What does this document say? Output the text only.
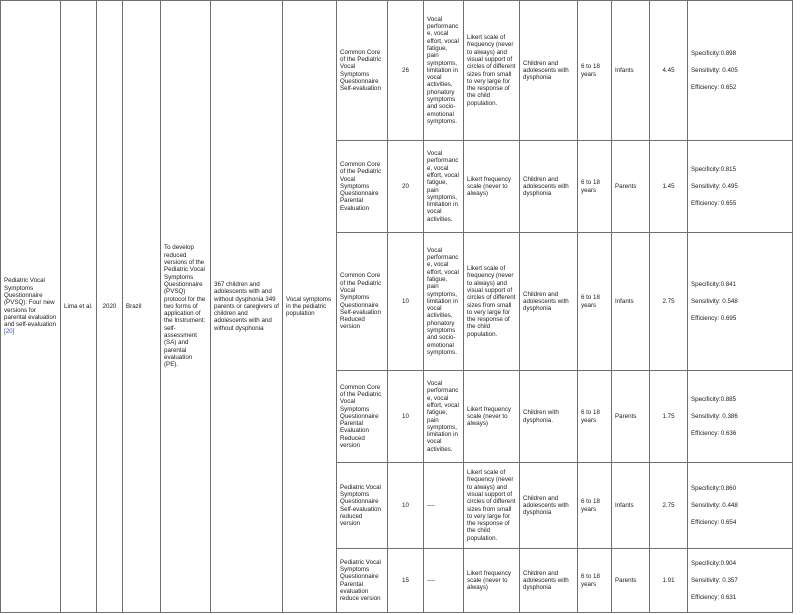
Pediatric Vocal Symptoms Questionnaire (PVSQ): Four new versions for parental evaluation and self-evaluation [20]	Lima et al.	2020	Brazil	To develop reduced versions of the Pediatric Vocal Symptoms Questionnaire (PVSQ) protocol for the two forms of application of the Instrument: self-assessment (SA) and parental evaluation (PE).	367 children and adolescents with and without dysphonia 349 parents or caregivers of children and adolescents with and without dysphonia	Vocal symptoms in the pediatric population	Common Core of the Pediatric Vocal Symptoms Questionnaire Self-evaluation	26	Vocal performance, vocal effort, vocal fatigue, pain symptoms, limitation in vocal activities, phonatory symptoms and socio-emotional symptoms.	Likert scale of frequency (never to always) and visual support of circles of different sizes from small to very large for the response of the child population.	Children and adolescents with dysphonia	6 to 18 years	Infants	4.45	Specificity:0.898
Sensitivity: 0.405
Efficiency: 0.652

							Common Core of the Pediatric Vocal Symptoms Questionnaire Parental Evaluation	20	Vocal performance, vocal effort, vocal fatigue, pain symptoms, limitation in vocal activities.	Likert frequency scale (never to always)	Children and adolescents with dysphonia	6 to 18 years	Parents	1.45	Specificity:0.815
Sensitivity: 0.495
Efficiency: 0.655

							Common Core of the Pediatric Vocal Symptoms Questionnaire Self-evaluation Reduced version	10	Vocal performance, vocal effort, vocal fatigue, pain symptoms, limitation in vocal activities, phonatory symptoms and socio-emotional symptoms.	Likert scale of frequency (never to always) and visual support of circles of different sizes from small to very large for the response of the child population.	Children and adolescents with dysphonia	6 to 18 years	Infants	2.75	Specificity:0.841
Sensitivity: 0.548
Efficiency: 0.695

							Common Core of the Pediatric Vocal Symptoms Questionnaire Parental Evaluation Reduced version	10	Vocal performance, vocal effort, vocal fatigue, pain symptoms, limitation in vocal activities.	Likert frequency scale (never to always)	Children with dysphonia.	6 to 18 years	Parents	1.75	Specificity:0.885
Sensitivity: 0.386
Efficiency: 0.636

							Pediatric Vocal Symptoms Questionnaire Self-evaluation reduced version	10	----	Likert scale of frequency (never to always) and visual support of circles of different sizes from small to very large for the response of the child population.	Children and adolescents with dysphonia	6 to 18 years	Infants	2.75	Specificity:0.860
Sensitivity: 0.448
Efficiency: 0.654

							Pediatric Vocal Symptoms Questionnaire Parental evaluation reduce version	15	----	Likert frequency scale (never to always)	Children and adolescents with dysphonia	6 to 18 years	Parents	1.91	Specificity:0.904
Sensitivity: 0.357
Efficiency: 0.631
